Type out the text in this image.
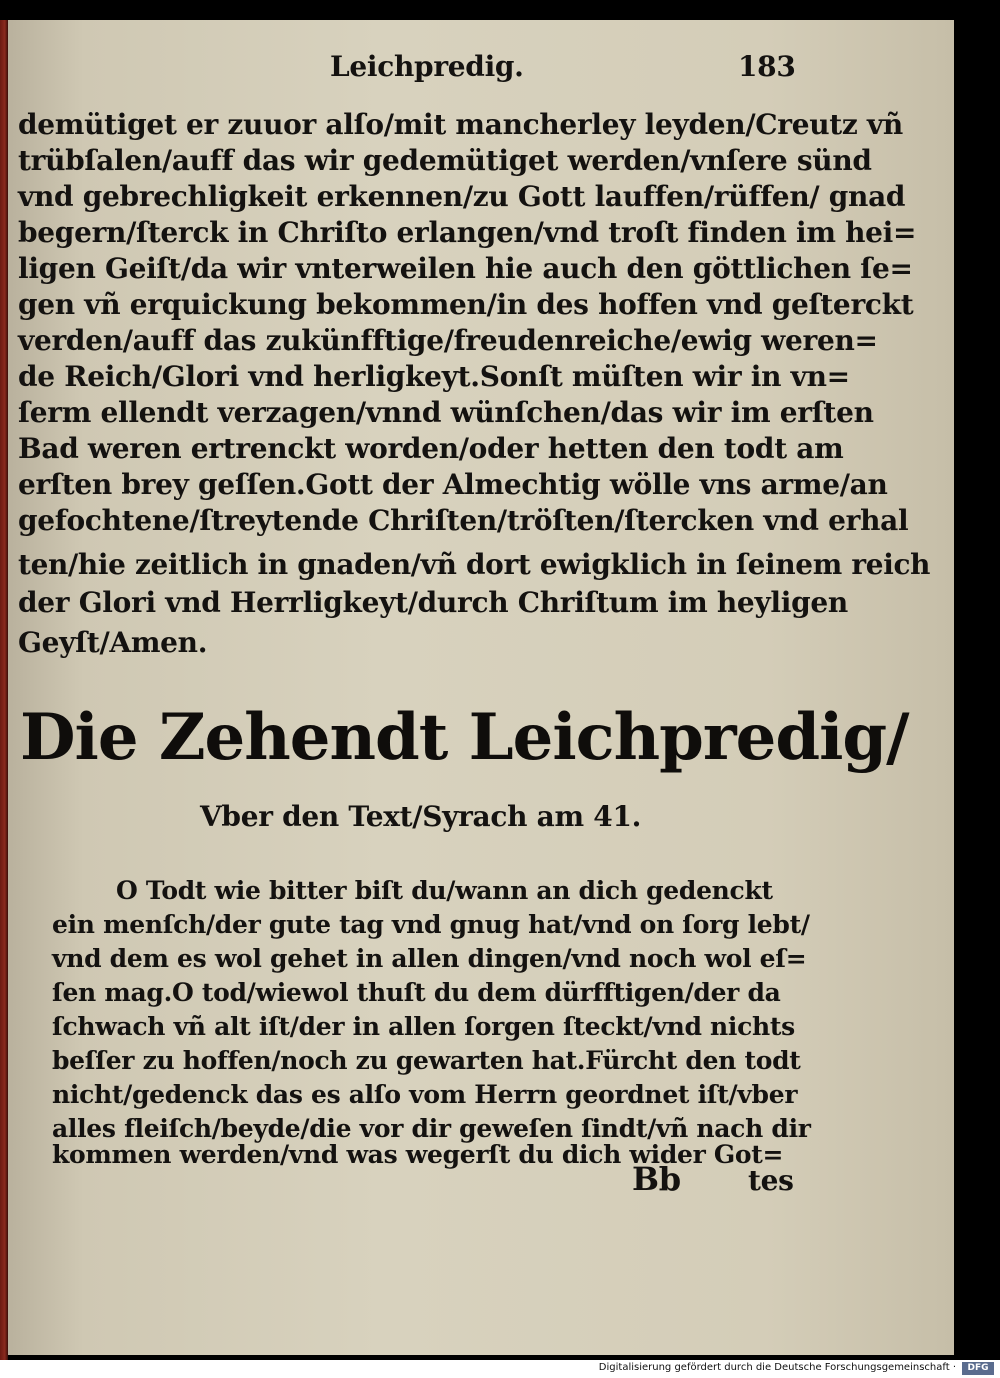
Leichpredig.	183

demütiget er zuuor alſo/mit mancherley leyden/Creutz vñ

trübſalen/auff das wir gedemütiget werden/vnſere sünd

vnd gebrechligkeit erkennen/zu Gott lauffen/rüffen/ gnad

begern/ſterck in Chriſto erlangen/vnd troſt finden im hei=

ligen Geiſt/da wir vnterweilen hie auch den göttlichen ſe=

gen vñ erquickung bekommen/in des hoffen vnd geſterckt

verden/auff das zukünfftige/freudenreiche/ewig weren=

de Reich/Glori vnd herligkeyt.Sonſt müſten wir in vn=

ſerm ellendt verzagen/vnnd wünſchen/das wir im erſten

Bad weren ertrenckt worden/oder hetten den todt am

erſten brey geſſen.Gott der Almechtig wölle vns arme/an

gefochtene/ſtreytende Chriſten/tröſten/ſtercken vnd erhal

ten/hie zeitlich in gnaden/vñ dort ewigklich in ſeinem reich

der Glori vnd Herrligkeyt/durch Chriſtum im heyligen

Geyſt/Amen.

Die Zehendt Leichpredig/

Vber den Text/Syrach am 41.

O Todt wie bitter biſt du/wann an dich gedenckt

ein menſch/der gute tag vnd gnug hat/vnd on ſorg lebt/

vnd dem es wol gehet in allen dingen/vnd noch wol eſ=

ſen mag.O tod/wiewol thuſt du dem dürfftigen/der da

ſchwach vñ alt iſt/der in allen ſorgen ſteckt/vnd nichts

beſſer zu hoffen/noch zu gewarten hat.Fürcht den todt

nicht/gedenck das es alſo vom Herrn geordnet iſt/vber

alles fleiſch/beyde/die vor dir geweſen ſindt/vñ nach dir

kommen werden/vnd was wegerſt du dich wider Got=

Bb tes

Digitalisierung gefördert durch die Deutsche Forschungsgemeinschaft ·	DFG
